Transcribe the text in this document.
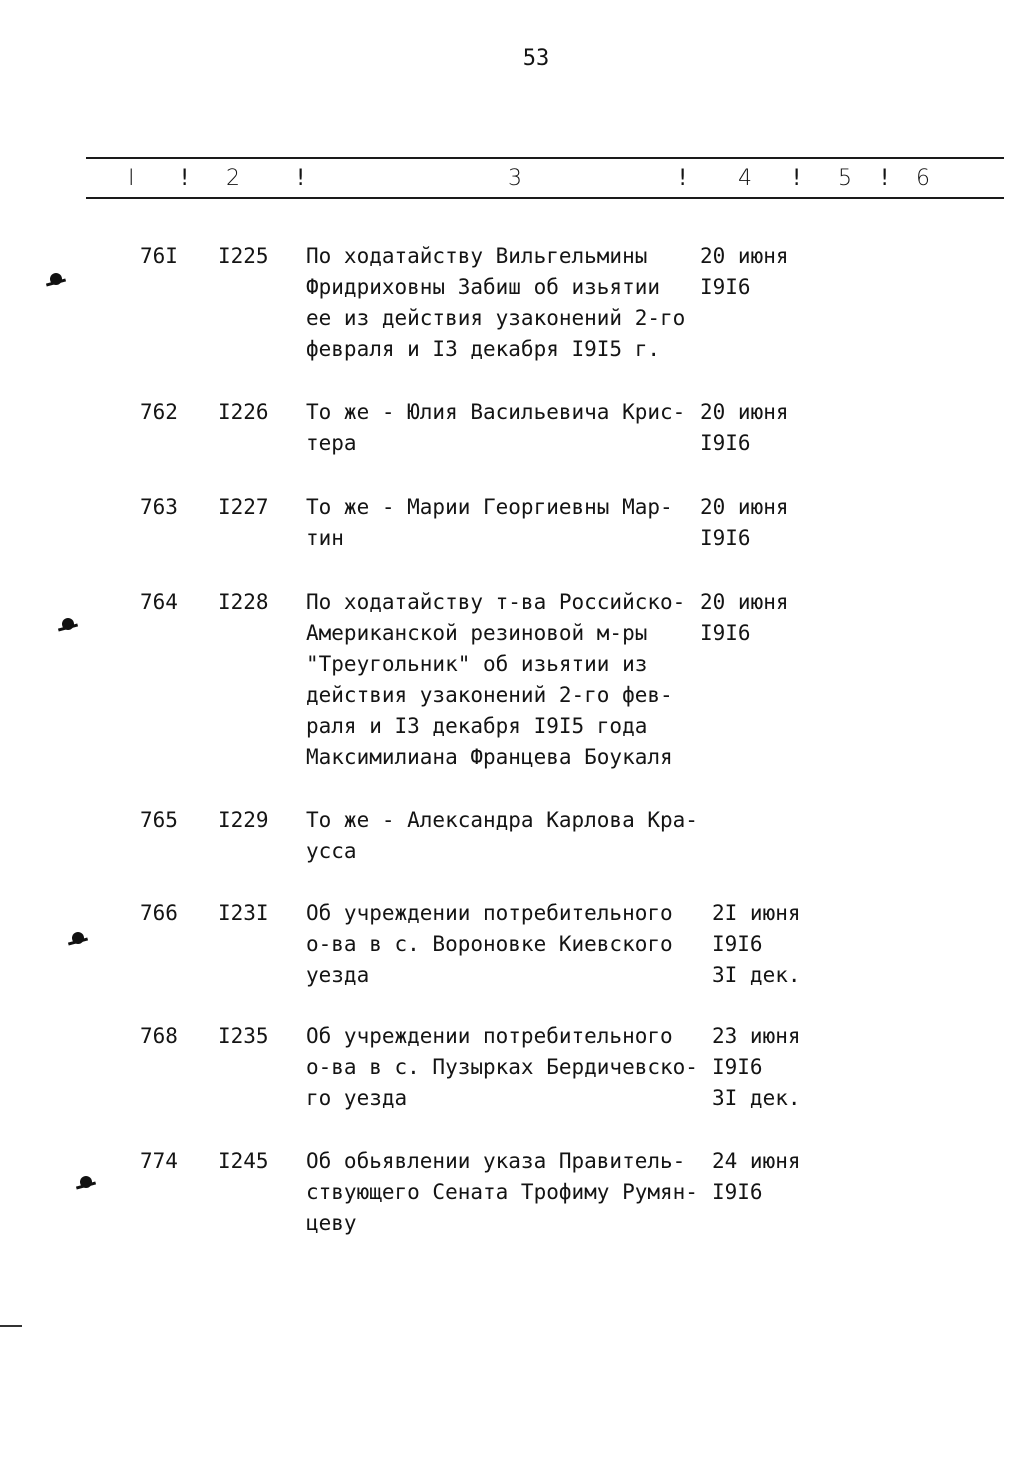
53
I ! 2 !	3	! 4 ! 5 ! 6
76I I225 По ходатайству Вильгельмины
Фридриховны Забиш об изьятии
ее из действия узаконений 2-го
февраля и I3 декабря I9I5 г.
20 июня
I9I6
762 I226 То же - Юлия Васильевича Крис-
тера
20 июня
I9I6
763 I227 То же - Марии Георгиевны Мар-
тин
20 июня
I9I6
764 I228 По ходатайству т-ва Российско-
Американской резиновой м-ры
"Треугольник" об изьятии из
действия узаконений 2-го фев-
раля и I3 декабря I9I5 года
Максимилиана Францева Боукаля
20 июня
I9I6
765 I229 То же - Александра Карлова Кра-
усса
766 I23I Об учреждении потребительного
о-ва в с. Вороновке Киевского
уезда
2I июня
I9I6
3I дек.
768 I235 Об учреждении потребительного
о-ва в с. Пузырках Бердичевско-
го уезда
23 июня
I9I6
3I дек.
774 I245 Об обьявлении указа Правитель-
ствующего Сената Трофиму Румян-
цеву
24 июня
I9I6
